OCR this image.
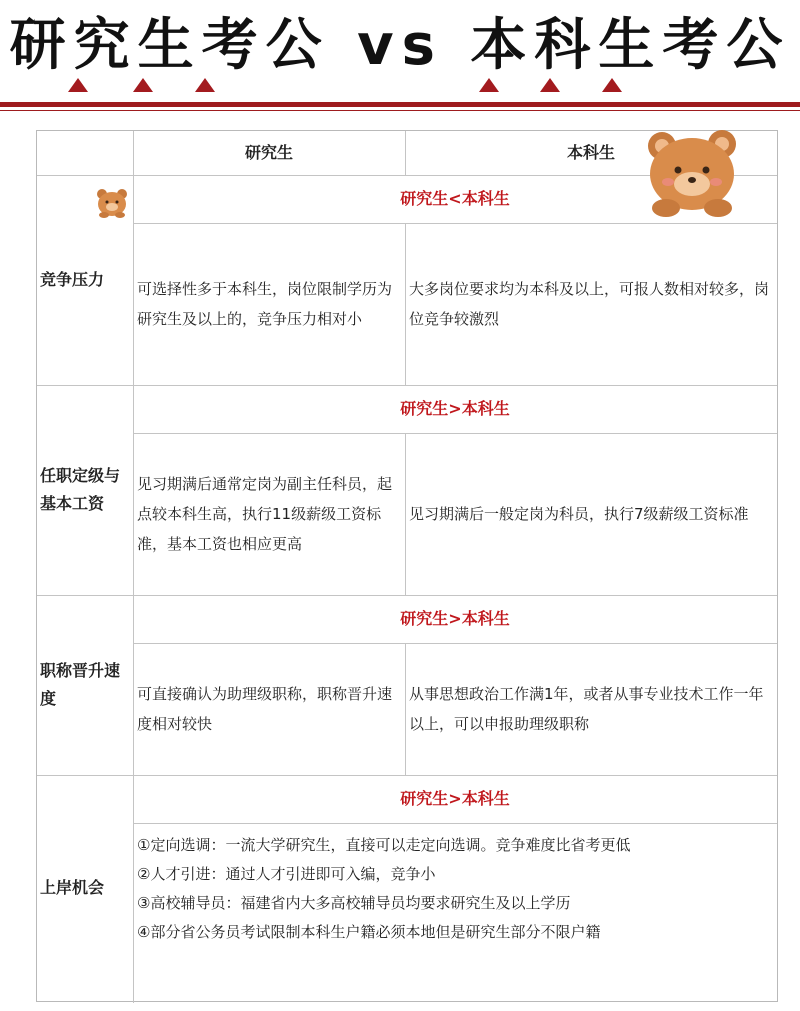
研究生考公 vs 本科生考公
研究生	本科生
竞争压力
研究生<本科生
可选择性多于本科生，岗位限制学历为研究生及以上的，竞争压力相对小
大多岗位要求均为本科及以上，可报人数相对较多，岗位竞争较激烈
任职定级与基本工资
研究生>本科生
见习期满后通常定岗为副主任科员，起点较本科生高，执行11级薪级工资标准，基本工资也相应更高
见习期满后一般定岗为科员，执行7级薪级工资标准
职称晋升速度
研究生>本科生
可直接确认为助理级职称，职称晋升速度相对较快
从事思想政治工作满1年，或者从事专业技术工作一年以上，可以申报助理级职称
上岸机会
研究生>本科生
①定向选调：一流大学研究生，直接可以走定向选调。竞争难度比省考更低
②人才引进：通过人才引进即可入编，竞争小
③高校辅导员：福建省内大多高校辅导员均要求研究生及以上学历
④部分省公务员考试限制本科生户籍必须本地但是研究生部分不限户籍
